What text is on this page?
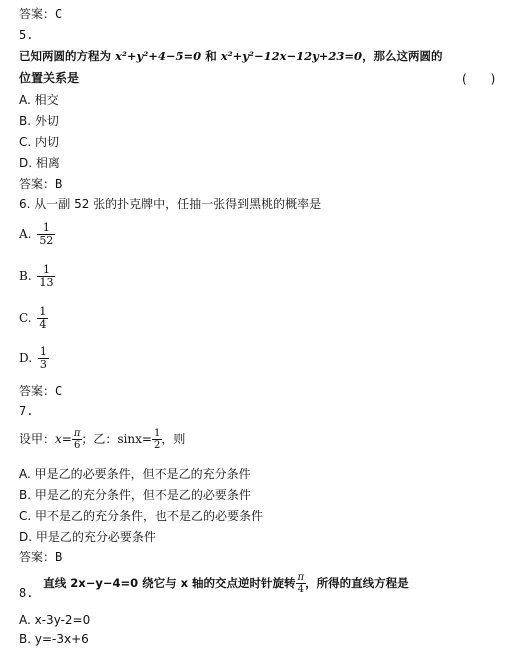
答案：C
5.
已知两圆的方程为 x²+y²+4−5=0 和 x²+y²−12x−12y+23=0，那么这两圆的
位置关系是	(　　)
A. 相交
B. 外切
C. 内切
D. 相离
答案：B
6. 从一副 52 张的扑克牌中，任抽一张得到黑桃的概率是
A. $\frac{1}{52}$
B. $\frac{1}{13}$
C. $\frac{1}{4}$
D. $\frac{1}{3}$
答案：C
7.
设甲：$x= \frac{\pi}{6}$ ；乙：$\sin x= \frac{1}{2}$ ，则
A. 甲是乙的必要条件，但不是乙的充分条件
B. 甲是乙的充分条件，但不是乙的必要条件
C. 甲不是乙的充分条件，也不是乙的必要条件
D. 甲是乙的充分必要条件
答案：B
8. 直线 2x−y−4=0 绕它与 x 轴的交点逆时针旋转 $\frac{\pi}{4}$ ，所得的直线方程是
A. x-3y-2=0
B. y=-3x+6
